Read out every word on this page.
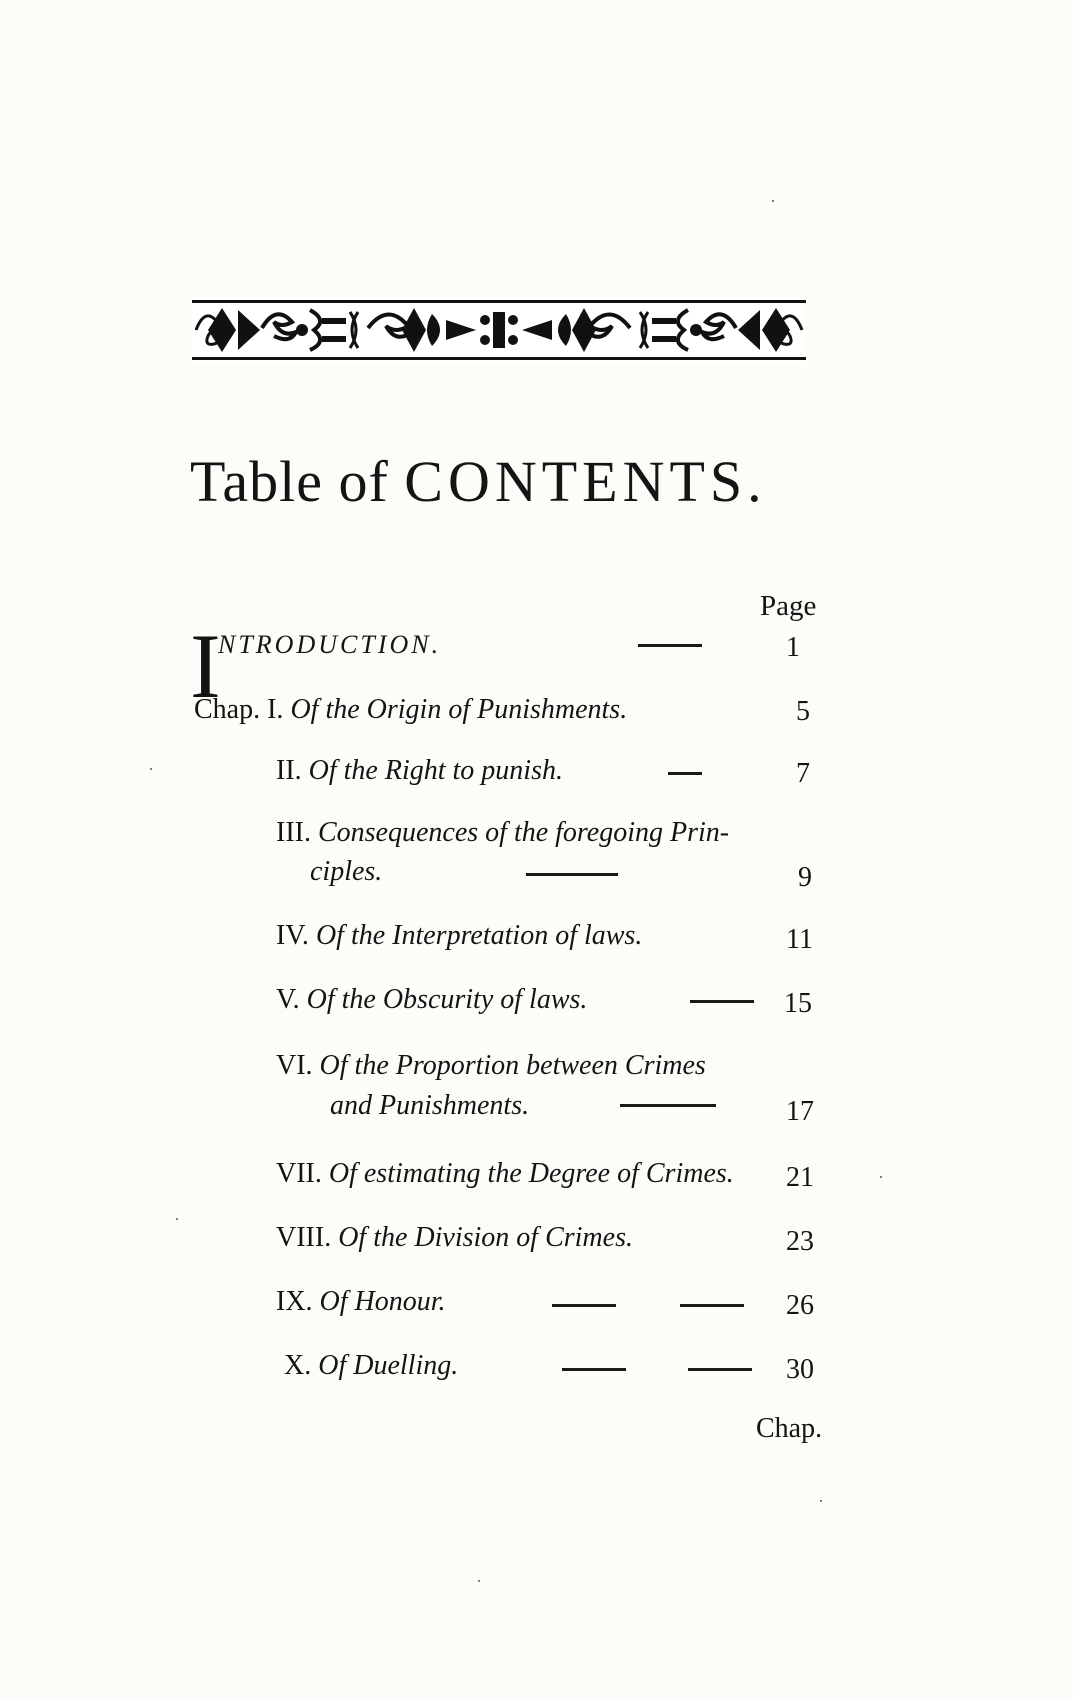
Table of CONTENTS.
Page
I
NTRODUCTION.	1
Chap. I. Of the Origin of Punishments.	5
II. Of the Right to punish.	7
III. Consequences of the foregoing Prin-
ciples.	9
IV. Of the Interpretation of laws.	11
V. Of the Obscurity of laws.	15
VI. Of the Proportion between Crimes
and Punishments.	17
VII. Of estimating the Degree of Crimes. 21
VIII. Of the Division of Crimes.	23
IX. Of Honour.	26
X. Of Duelling.	30
Chap.
